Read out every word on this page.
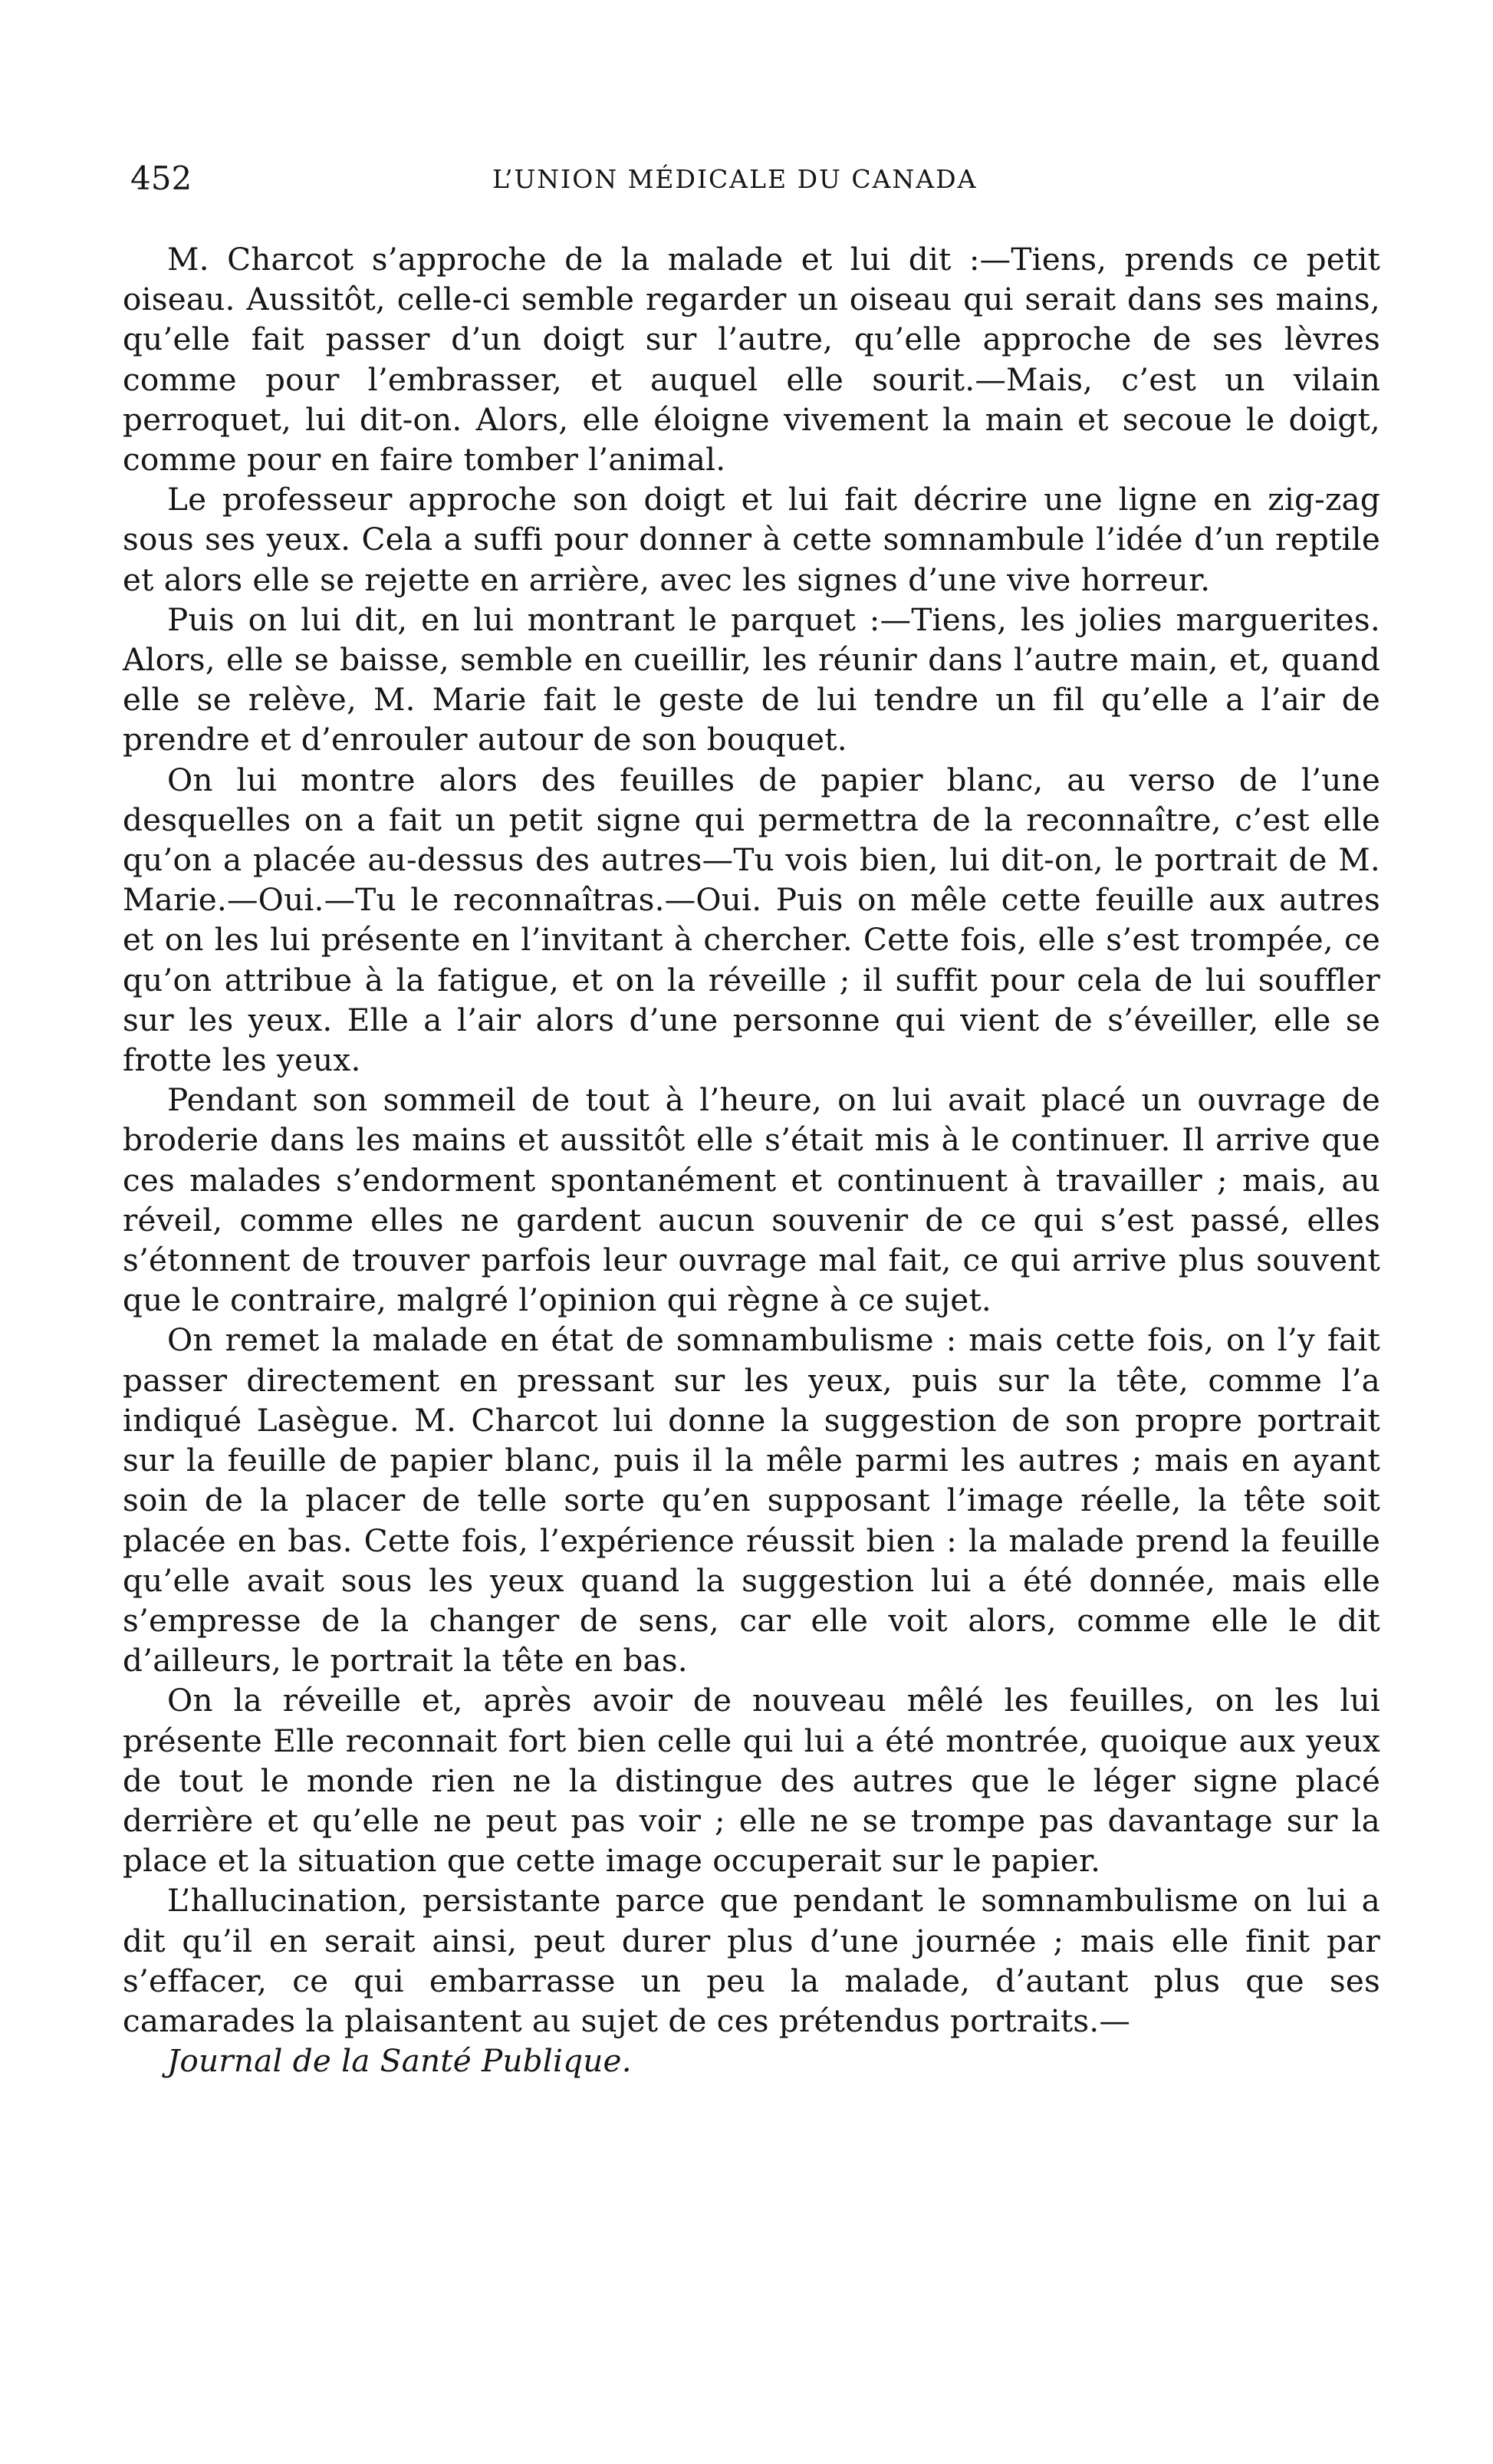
452	L’UNION MÉDICALE DU CANADA

M. Charcot s’approche de la malade et lui dit :—Tiens, prends ce petit oiseau. Aussitôt, celle-ci semble regarder un oiseau qui serait dans ses mains, qu’elle fait passer d’un doigt sur l’autre, qu’elle approche de ses lèvres comme pour l’embrasser, et auquel elle sourit.—Mais, c’est un vilain perroquet, lui dit-on. Alors, elle éloigne vivement la main et secoue le doigt, comme pour en faire tomber l’animal.

Le professeur approche son doigt et lui fait décrire une ligne en zig-zag sous ses yeux. Cela a suffi pour donner à cette somnambule l’idée d’un reptile et alors elle se rejette en arrière, avec les signes d’une vive horreur.

Puis on lui dit, en lui montrant le parquet :—Tiens, les jolies marguerites. Alors, elle se baisse, semble en cueillir, les réunir dans l’autre main, et, quand elle se relève, M. Marie fait le geste de lui tendre un fil qu’elle a l’air de prendre et d’enrouler autour de son bouquet.

On lui montre alors des feuilles de papier blanc, au verso de l’une desquelles on a fait un petit signe qui permettra de la reconnaître, c’est elle qu’on a placée au-dessus des autres—Tu vois bien, lui dit-on, le portrait de M. Marie.—Oui.—Tu le reconnaîtras.—Oui. Puis on mêle cette feuille aux autres et on les lui présente en l’invitant à chercher. Cette fois, elle s’est trompée, ce qu’on attribue à la fatigue, et on la réveille ; il suffit pour cela de lui souffler sur les yeux. Elle a l’air alors d’une personne qui vient de s’éveiller, elle se frotte les yeux.

Pendant son sommeil de tout à l’heure, on lui avait placé un ouvrage de broderie dans les mains et aussitôt elle s’était mis à le continuer. Il arrive que ces malades s’endorment spontanément et continuent à travailler ; mais, au réveil, comme elles ne gardent aucun souvenir de ce qui s’est passé, elles s’étonnent de trouver parfois leur ouvrage mal fait, ce qui arrive plus souvent que le contraire, malgré l’opinion qui règne à ce sujet.

On remet la malade en état de somnambulisme : mais cette fois, on l’y fait passer directement en pressant sur les yeux, puis sur la tête, comme l’a indiqué Lasègue. M. Charcot lui donne la suggestion de son propre portrait sur la feuille de papier blanc, puis il la mêle parmi les autres ; mais en ayant soin de la placer de telle sorte qu’en supposant l’image réelle, la tête soit placée en bas. Cette fois, l’expérience réussit bien : la malade prend la feuille qu’elle avait sous les yeux quand la suggestion lui a été donnée, mais elle s’empresse de la changer de sens, car elle voit alors, comme elle le dit d’ailleurs, le portrait la tête en bas.

On la réveille et, après avoir de nouveau mêlé les feuilles, on les lui présente Elle reconnait fort bien celle qui lui a été montrée, quoique aux yeux de tout le monde rien ne la distingue des autres que le léger signe placé derrière et qu’elle ne peut pas voir ; elle ne se trompe pas davantage sur la place et la situation que cette image occuperait sur le papier.

L’hallucination, persistante parce que pendant le somnambulisme on lui a dit qu’il en serait ainsi, peut durer plus d’une journée ; mais elle finit par s’effacer, ce qui embarrasse un peu la malade, d’autant plus que ses camarades la plaisantent au sujet de ces prétendus portraits.—

Journal de la Santé Publique.
